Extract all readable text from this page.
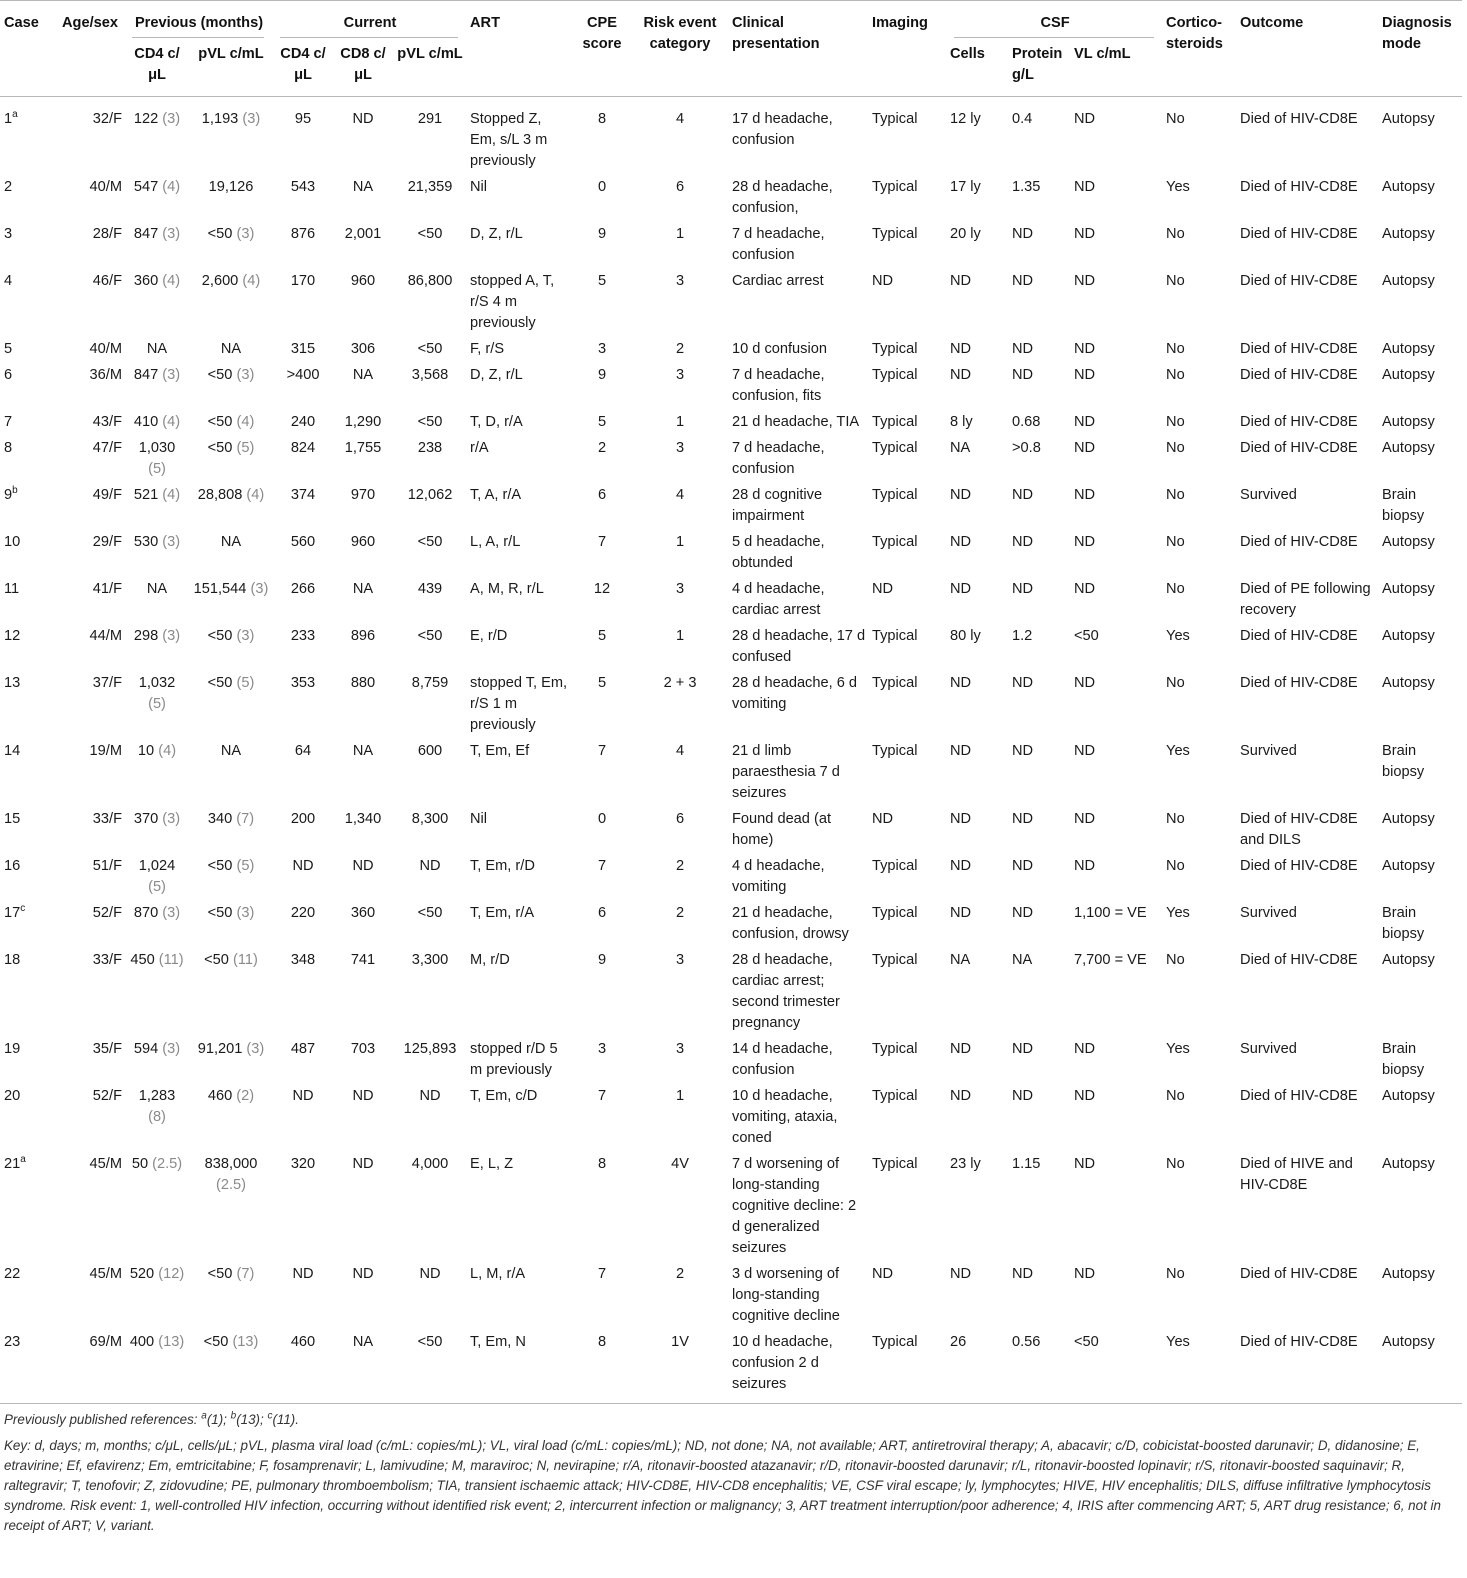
Case	Age/sex	Previous (months)		Current			ART	CPE score	Risk event category	Clinical presentation	Imaging	CSF			Cortico-steroids	Outcome	Diagnosis mode
		CD4 c/μL	pVL c/mL	CD4 c/μL	CD8 c/μL	pVL c/mL						Cells	Protein g/L	VL c/mL			
1$^a$	32/F	122 (3)	1,193 (3)	95	ND	291	Stopped Z, Em, s/L 3 m previously	8	4	17 d headache, confusion	Typical	12 ly	0.4	ND	No	Died of HIV-CD8E	Autopsy
2	40/M	547 (4)	19,126	543	NA	21,359	Nil	0	6	28 d headache, confusion,	Typical	17 ly	1.35	ND	Yes	Died of HIV-CD8E	Autopsy
3	28/F	847 (3)	<50 (3)	876	2,001	<50	D, Z, r/L	9	1	7 d headache, confusion	Typical	20 ly	ND	ND	No	Died of HIV-CD8E	Autopsy
4	46/F	360 (4)	2,600 (4)	170	960	86,800	stopped A, T, r/S 4 m previously	5	3	Cardiac arrest	ND	ND	ND	ND	No	Died of HIV-CD8E	Autopsy
5	40/M	NA	NA	315	306	<50	F, r/S	3	2	10 d confusion	Typical	ND	ND	ND	No	Died of HIV-CD8E	Autopsy
6	36/M	847 (3)	<50 (3)	>400	NA	3,568	D, Z, r/L	9	3	7 d headache, confusion, fits	Typical	ND	ND	ND	No	Died of HIV-CD8E	Autopsy
7	43/F	410 (4)	<50 (4)	240	1,290	<50	T, D, r/A	5	1	21 d headache, TIA	Typical	8 ly	0.68	ND	No	Died of HIV-CD8E	Autopsy
8	47/F	1,030 (5)	<50 (5)	824	1,755	238	r/A	2	3	7 d headache, confusion	Typical	NA	>0.8	ND	No	Died of HIV-CD8E	Autopsy
9$^b$	49/F	521 (4)	28,808 (4)	374	970	12,062	T, A, r/A	6	4	28 d cognitive impairment	Typical	ND	ND	ND	No	Survived	Brain biopsy
10	29/F	530 (3)	NA	560	960	<50	L, A, r/L	7	1	5 d headache, obtunded	Typical	ND	ND	ND	No	Died of HIV-CD8E	Autopsy
11	41/F	NA	151,544 (3)	266	NA	439	A, M, R, r/L	12	3	4 d headache, cardiac arrest	ND	ND	ND	ND	No	Died of PE following recovery	Autopsy
12	44/M	298 (3)	<50 (3)	233	896	<50	E, r/D	5	1	28 d headache, 17 d confused	Typical	80 ly	1.2	<50	Yes	Died of HIV-CD8E	Autopsy
13	37/F	1,032 (5)	<50 (5)	353	880	8,759	stopped T, Em, r/S 1 m previously	5	2 + 3	28 d headache, 6 d vomiting	Typical	ND	ND	ND	No	Died of HIV-CD8E	Autopsy
14	19/M	10 (4)	NA	64	NA	600	T, Em, Ef	7	4	21 d limb paraesthesia 7 d seizures	Typical	ND	ND	ND	Yes	Survived	Brain biopsy
15	33/F	370 (3)	340 (7)	200	1,340	8,300	Nil	0	6	Found dead (at home)	ND	ND	ND	ND	No	Died of HIV-CD8E and DILS	Autopsy
16	51/F	1,024 (5)	<50 (5)	ND	ND	ND	T, Em, r/D	7	2	4 d headache, vomiting	Typical	ND	ND	ND	No	Died of HIV-CD8E	Autopsy
17$^c$	52/F	870 (3)	<50 (3)	220	360	<50	T, Em, r/A	6	2	21 d headache, confusion, drowsy	Typical	ND	ND	1,100 = VE	Yes	Survived	Brain biopsy
18	33/F	450 (11)	<50 (11)	348	741	3,300	M, r/D	9	3	28 d headache, cardiac arrest; second trimester pregnancy	Typical	NA	NA	7,700 = VE	No	Died of HIV-CD8E	Autopsy
19	35/F	594 (3)	91,201 (3)	487	703	125,893	stopped r/D 5 m previously	3	3	14 d headache, confusion	Typical	ND	ND	ND	Yes	Survived	Brain biopsy
20	52/F	1,283 (8)	460 (2)	ND	ND	ND	T, Em, c/D	7	1	10 d headache, vomiting, ataxia, coned	Typical	ND	ND	ND	No	Died of HIV-CD8E	Autopsy
21$^a$	45/M	50 (2.5)	838,000 (2.5)	320	ND	4,000	E, L, Z	8	4V	7 d worsening of long-standing cognitive decline: 2 d generalized seizures	Typical	23 ly	1.15	ND	No	Died of HIVE and HIV-CD8E	Autopsy
22	45/M	520 (12)	<50 (7)	ND	ND	ND	L, M, r/A	7	2	3 d worsening of long-standing cognitive decline	ND	ND	ND	ND	No	Died of HIV-CD8E	Autopsy
23	69/M	400 (13)	<50 (13)	460	NA	<50	T, Em, N	8	1V	10 d headache, confusion 2 d seizures	Typical	26	0.56	<50	Yes	Died of HIV-CD8E	Autopsy

Previously published references: $^a$(1); $^b$(13); $^c$(11).

Key: d, days; m, months; c/μL, cells/μL; pVL, plasma viral load (c/mL: copies/mL); VL, viral load (c/mL: copies/mL); ND, not done; NA, not available; ART, antiretroviral therapy; A, abacavir; c/D, cobicistat-boosted darunavir; D, didanosine; E, etravirine; Ef, efavirenz; Em, emtricitabine; F, fosamprenavir; L, lamivudine; M, maraviroc; N, nevirapine; r/A, ritonavir-boosted atazanavir; r/D, ritonavir-boosted darunavir; r/L, ritonavir-boosted lopinavir; r/S, ritonavir-boosted saquinavir; R, raltegravir; T, tenofovir; Z, zidovudine; PE, pulmonary thromboembolism; TIA, transient ischaemic attack; HIV-CD8E, HIV-CD8 encephalitis; VE, CSF viral escape; ly, lymphocytes; HIVE, HIV encephalitis; DILS, diffuse infiltrative lymphocytosis syndrome. Risk event: 1, well-controlled HIV infection, occurring without identified risk event; 2, intercurrent infection or malignancy; 3, ART treatment interruption/poor adherence; 4, IRIS after commencing ART; 5, ART drug resistance; 6, not in receipt of ART; V, variant.
